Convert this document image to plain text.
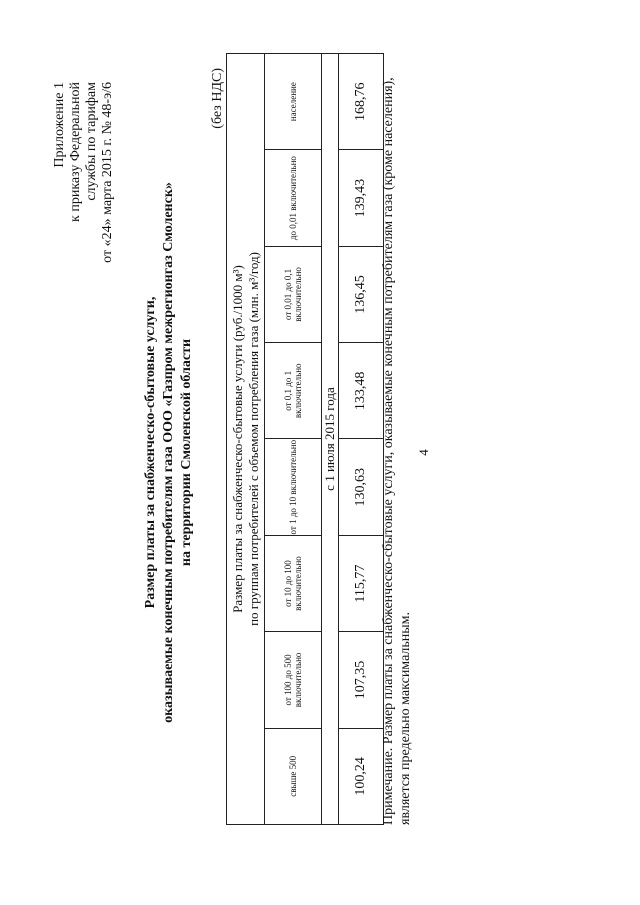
Приложение 1 к приказу Федеральной службы по тарифам от «24» марта 2015 г. № 48-э/6
Размер платы за снабженческо-сбытовые услуги, оказываемые конечным потребителям газа ООО «Газпром межрегионгаз Смоленск» на территории Смоленской области
(без НДС)
Размер платы за снабженческо-сбытовые услуги (руб./1000 м³) по группам потребителей с объемом потребления газа (млн. м³/год)							

свыше 500	от 100 до 500 включительно	от 10 до 100 включительно	от 1 до 10 включительно	от 0,1 до 1 включительно	от 0,01 до 0,1 включительно	до 0,01 включительно	население
с 1 июля 2015 года							
100,24	107,35	115,77	130,63	133,48	136,45	139,43	168,76 Примечание. Размер платы за снабженческо-сбытовые услуги, оказываемые конечным потребителям газа (кроме населения), является предельно максимальным.
4
